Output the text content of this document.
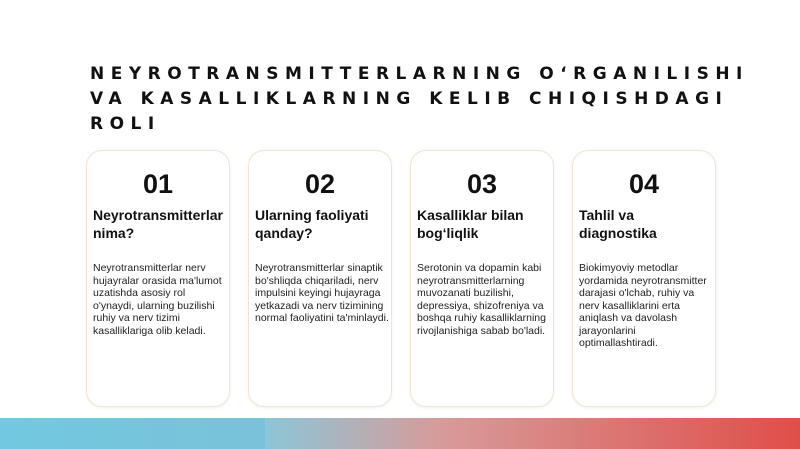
NEYROTRANSMITTERLARNING O‘RGANILISHI VA KASALLIKLARNING KELIB CHIQISHDAGI ROLI
01
Neyrotransmitterlar nima?
Neyrotransmitterlar nerv hujayralar orasida ma'lumot uzatishda asosiy rol o'ynaydi, ularning buzilishi ruhiy va nerv tizimi kasalliklariga olib keladi.
02
Ularning faoliyati qanday?
Neyrotransmitterlar sinaptik bo'shliqda chiqariladi, nerv impulsini keyingi hujayraga yetkazadi va nerv tizimining normal faoliyatini ta'minlaydi.
03
Kasalliklar bilan bog‘liqlik
Serotonin va dopamin kabi neyrotransmitterlarning muvozanati buzilishi, depressiya, shizofreniya va boshqa ruhiy kasalliklarning rivojlanishiga sabab bo'ladi.
04
Tahlil va diagnostika
Biokimyoviy metodlar yordamida neyrotransmitter darajasi o'lchab, ruhiy va nerv kasalliklarini erta aniqlash va davolash jarayonlarini optimallashtiradi.
